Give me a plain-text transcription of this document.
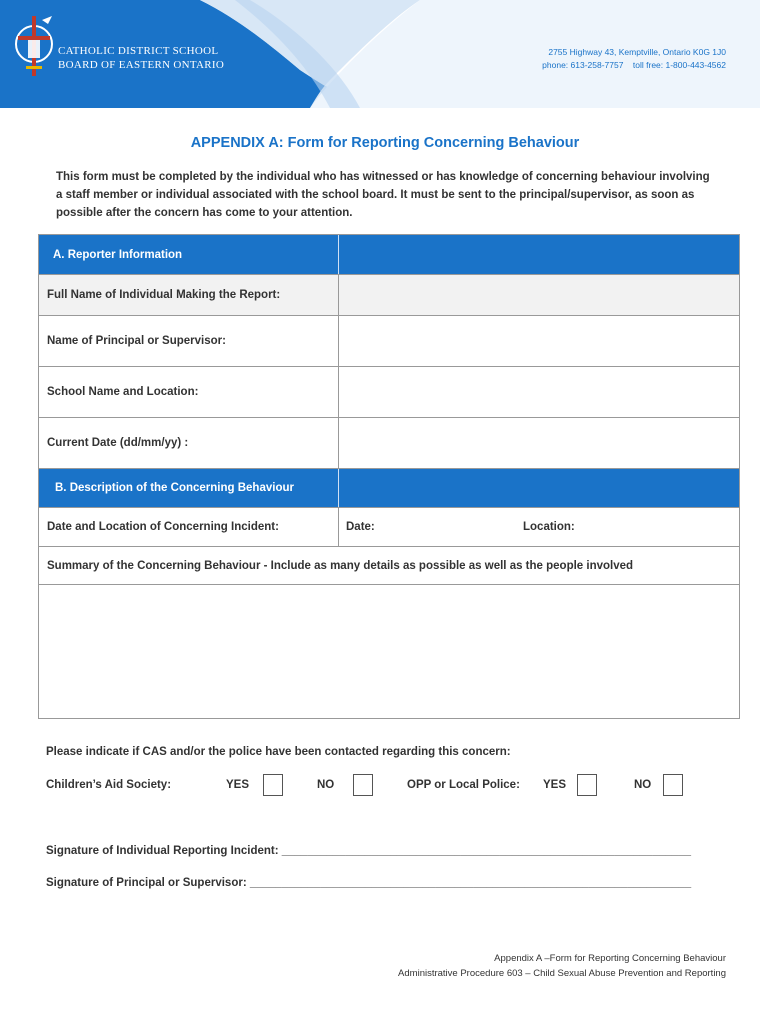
CATHOLIC DISTRICT SCHOOL
BOARD OF EASTERN ONTARIO
2755 Highway 43, Kemptville, Ontario K0G 1J0
phone: 613-258-7757    toll free: 1-800-443-4562
APPENDIX A: Form for Reporting Concerning Behaviour
This form must be completed by the individual who has witnessed or has knowledge of concerning behaviour involving a staff member or individual associated with the school board. It must be sent to the principal/supervisor, as soon as possible after the concern has come to your attention.
A. Reporter Information
Full Name of Individual Making the Report:
Name of Principal or Supervisor:
School Name and Location:
Current Date (dd/mm/yy) :
B. Description of the Concerning Behaviour
Date and Location of Concerning Incident:	Date:	Location:
Summary of the Concerning Behaviour - Include as many details as possible as well as the people involved
Please indicate if CAS and/or the police have been contacted regarding this concern:
Children’s Aid Society:	YES	NO	OPP or Local Police: YES	NO
Signature of Individual Reporting Incident: ________________________________________________________________
Signature of Principal or Supervisor: _____________________________________________________________________
Appendix A –Form for Reporting Concerning Behaviour
Administrative Procedure 603 – Child Sexual Abuse Prevention and Reporting
